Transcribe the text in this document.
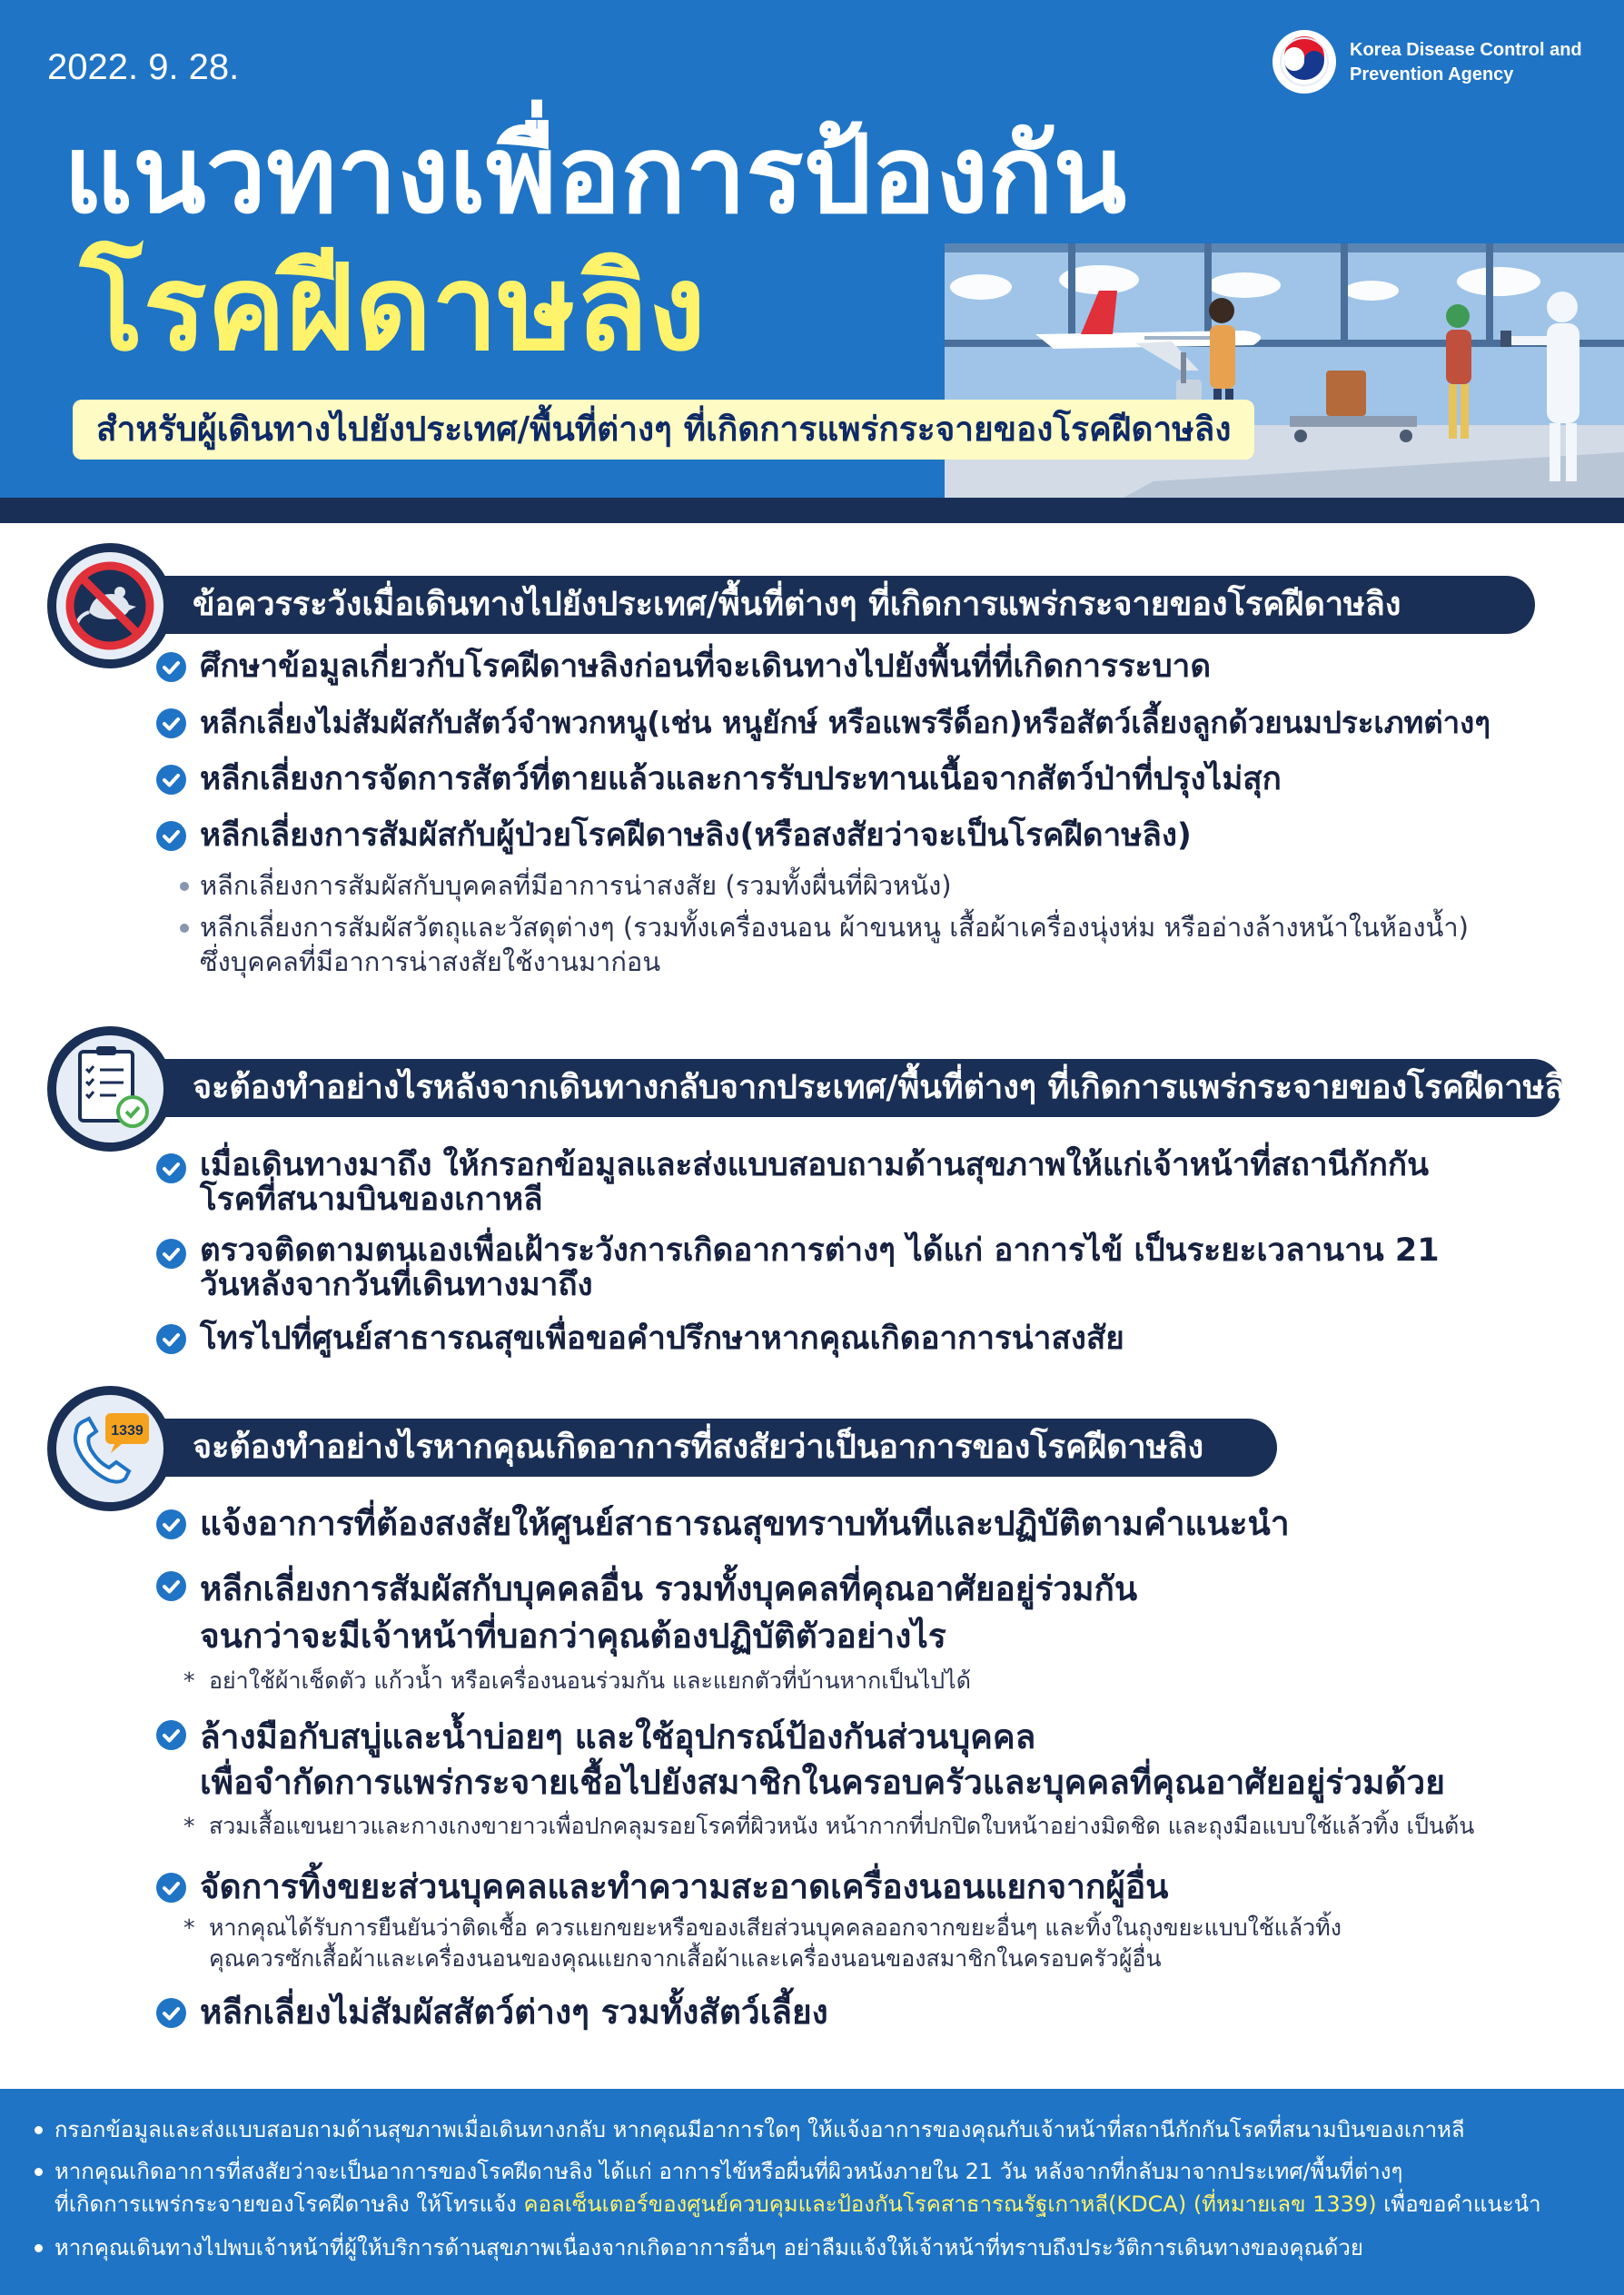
2022. 9. 28.	Korea Disease Control and
Prevention Agency
แนวทางเพื่อการป้องกัน
โรคฝีดาษลิง
สำหรับผู้เดินทางไปยังประเทศ/พื้นที่ต่างๆ ที่เกิดการแพร่กระจายของโรคฝีดาษลิง
ข้อควรระวังเมื่อเดินทางไปยังประเทศ/พื้นที่ต่างๆ ที่เกิดการแพร่กระจายของโรคฝีดาษลิง
ศึกษาข้อมูลเกี่ยวกับโรคฝีดาษลิงก่อนที่จะเดินทางไปยังพื้นที่ที่เกิดการระบาด
หลีกเลี่ยงไม่สัมผัสกับสัตว์จำพวกหนู(เช่น หนูยักษ์ หรือแพรรีด็อก)หรือสัตว์เลี้ยงลูกด้วยนมประเภทต่างๆ
หลีกเลี่ยงการจัดการสัตว์ที่ตายแล้วและการรับประทานเนื้อจากสัตว์ป่าที่ปรุงไม่สุก
หลีกเลี่ยงการสัมผัสกับผู้ป่วยโรคฝีดาษลิง(หรือสงสัยว่าจะเป็นโรคฝีดาษลิง)
หลีกเลี่ยงการสัมผัสกับบุคคลที่มีอาการน่าสงสัย (รวมทั้งผื่นที่ผิวหนัง)
หลีกเลี่ยงการสัมผัสวัตถุและวัสดุต่างๆ (รวมทั้งเครื่องนอน ผ้าขนหนู เสื้อผ้าเครื่องนุ่งห่ม หรืออ่างล้างหน้าในห้องน้ำ)
ซึ่งบุคคลที่มีอาการน่าสงสัยใช้งานมาก่อน
จะต้องทำอย่างไรหลังจากเดินทางกลับจากประเทศ/พื้นที่ต่างๆ ที่เกิดการแพร่กระจายของโรคฝีดาษลิง
เมื่อเดินทางมาถึง ให้กรอกข้อมูลและส่งแบบสอบถามด้านสุขภาพให้แก่เจ้าหน้าที่สถานีกักกัน
โรคที่สนามบินของเกาหลี
ตรวจติดตามตนเองเพื่อเฝ้าระวังการเกิดอาการต่างๆ ได้แก่ อาการไข้ เป็นระยะเวลานาน 21
วันหลังจากวันที่เดินทางมาถึง
โทรไปที่ศูนย์สาธารณสุขเพื่อขอคำปรึกษาหากคุณเกิดอาการน่าสงสัย
จะต้องทำอย่างไรหากคุณเกิดอาการที่สงสัยว่าเป็นอาการของโรคฝีดาษลิง
1339
แจ้งอาการที่ต้องสงสัยให้ศูนย์สาธารณสุขทราบทันทีและปฏิบัติตามคำแนะนำ
หลีกเลี่ยงการสัมผัสกับบุคคลอื่น รวมทั้งบุคคลที่คุณอาศัยอยู่ร่วมกัน
จนกว่าจะมีเจ้าหน้าที่บอกว่าคุณต้องปฏิบัติตัวอย่างไร
* อย่าใช้ผ้าเช็ดตัว แก้วน้ำ หรือเครื่องนอนร่วมกัน และแยกตัวที่บ้านหากเป็นไปได้
ล้างมือกับสบู่และน้ำบ่อยๆ และใช้อุปกรณ์ป้องกันส่วนบุคคล
เพื่อจำกัดการแพร่กระจายเชื้อไปยังสมาชิกในครอบครัวและบุคคลที่คุณอาศัยอยู่ร่วมด้วย
* สวมเสื้อแขนยาวและกางเกงขายาวเพื่อปกคลุมรอยโรคที่ผิวหนัง หน้ากากที่ปกปิดใบหน้าอย่างมิดชิด และถุงมือแบบใช้แล้วทิ้ง เป็นต้น
จัดการทิ้งขยะส่วนบุคคลและทำความสะอาดเครื่องนอนแยกจากผู้อื่น
* หากคุณได้รับการยืนยันว่าติดเชื้อ ควรแยกขยะหรือของเสียส่วนบุคคลออกจากขยะอื่นๆ และทิ้งในถุงขยะแบบใช้แล้วทิ้ง
คุณควรซักเสื้อผ้าและเครื่องนอนของคุณแยกจากเสื้อผ้าและเครื่องนอนของสมาชิกในครอบครัวผู้อื่น
หลีกเลี่ยงไม่สัมผัสสัตว์ต่างๆ รวมทั้งสัตว์เลี้ยง
กรอกข้อมูลและส่งแบบสอบถามด้านสุขภาพเมื่อเดินทางกลับ หากคุณมีอาการใดๆ ให้แจ้งอาการของคุณกับเจ้าหน้าที่สถานีกักกันโรคที่สนามบินของเกาหลี
หากคุณเกิดอาการที่สงสัยว่าจะเป็นอาการของโรคฝีดาษลิง ได้แก่ อาการไข้หรือผื่นที่ผิวหนังภายใน 21 วัน หลังจากที่กลับมาจากประเทศ/พื้นที่ต่างๆ
ที่เกิดการแพร่กระจายของโรคฝีดาษลิง ให้โทรแจ้ง คอลเซ็นเตอร์ของศูนย์ควบคุมและป้องกันโรคสาธารณรัฐเกาหลี(KDCA) (ที่หมายเลข 1339) เพื่อขอคำแนะนำ
หากคุณเดินทางไปพบเจ้าหน้าที่ผู้ให้บริการด้านสุขภาพเนื่องจากเกิดอาการอื่นๆ อย่าลืมแจ้งให้เจ้าหน้าที่ทราบถึงประวัติการเดินทางของคุณด้วย
